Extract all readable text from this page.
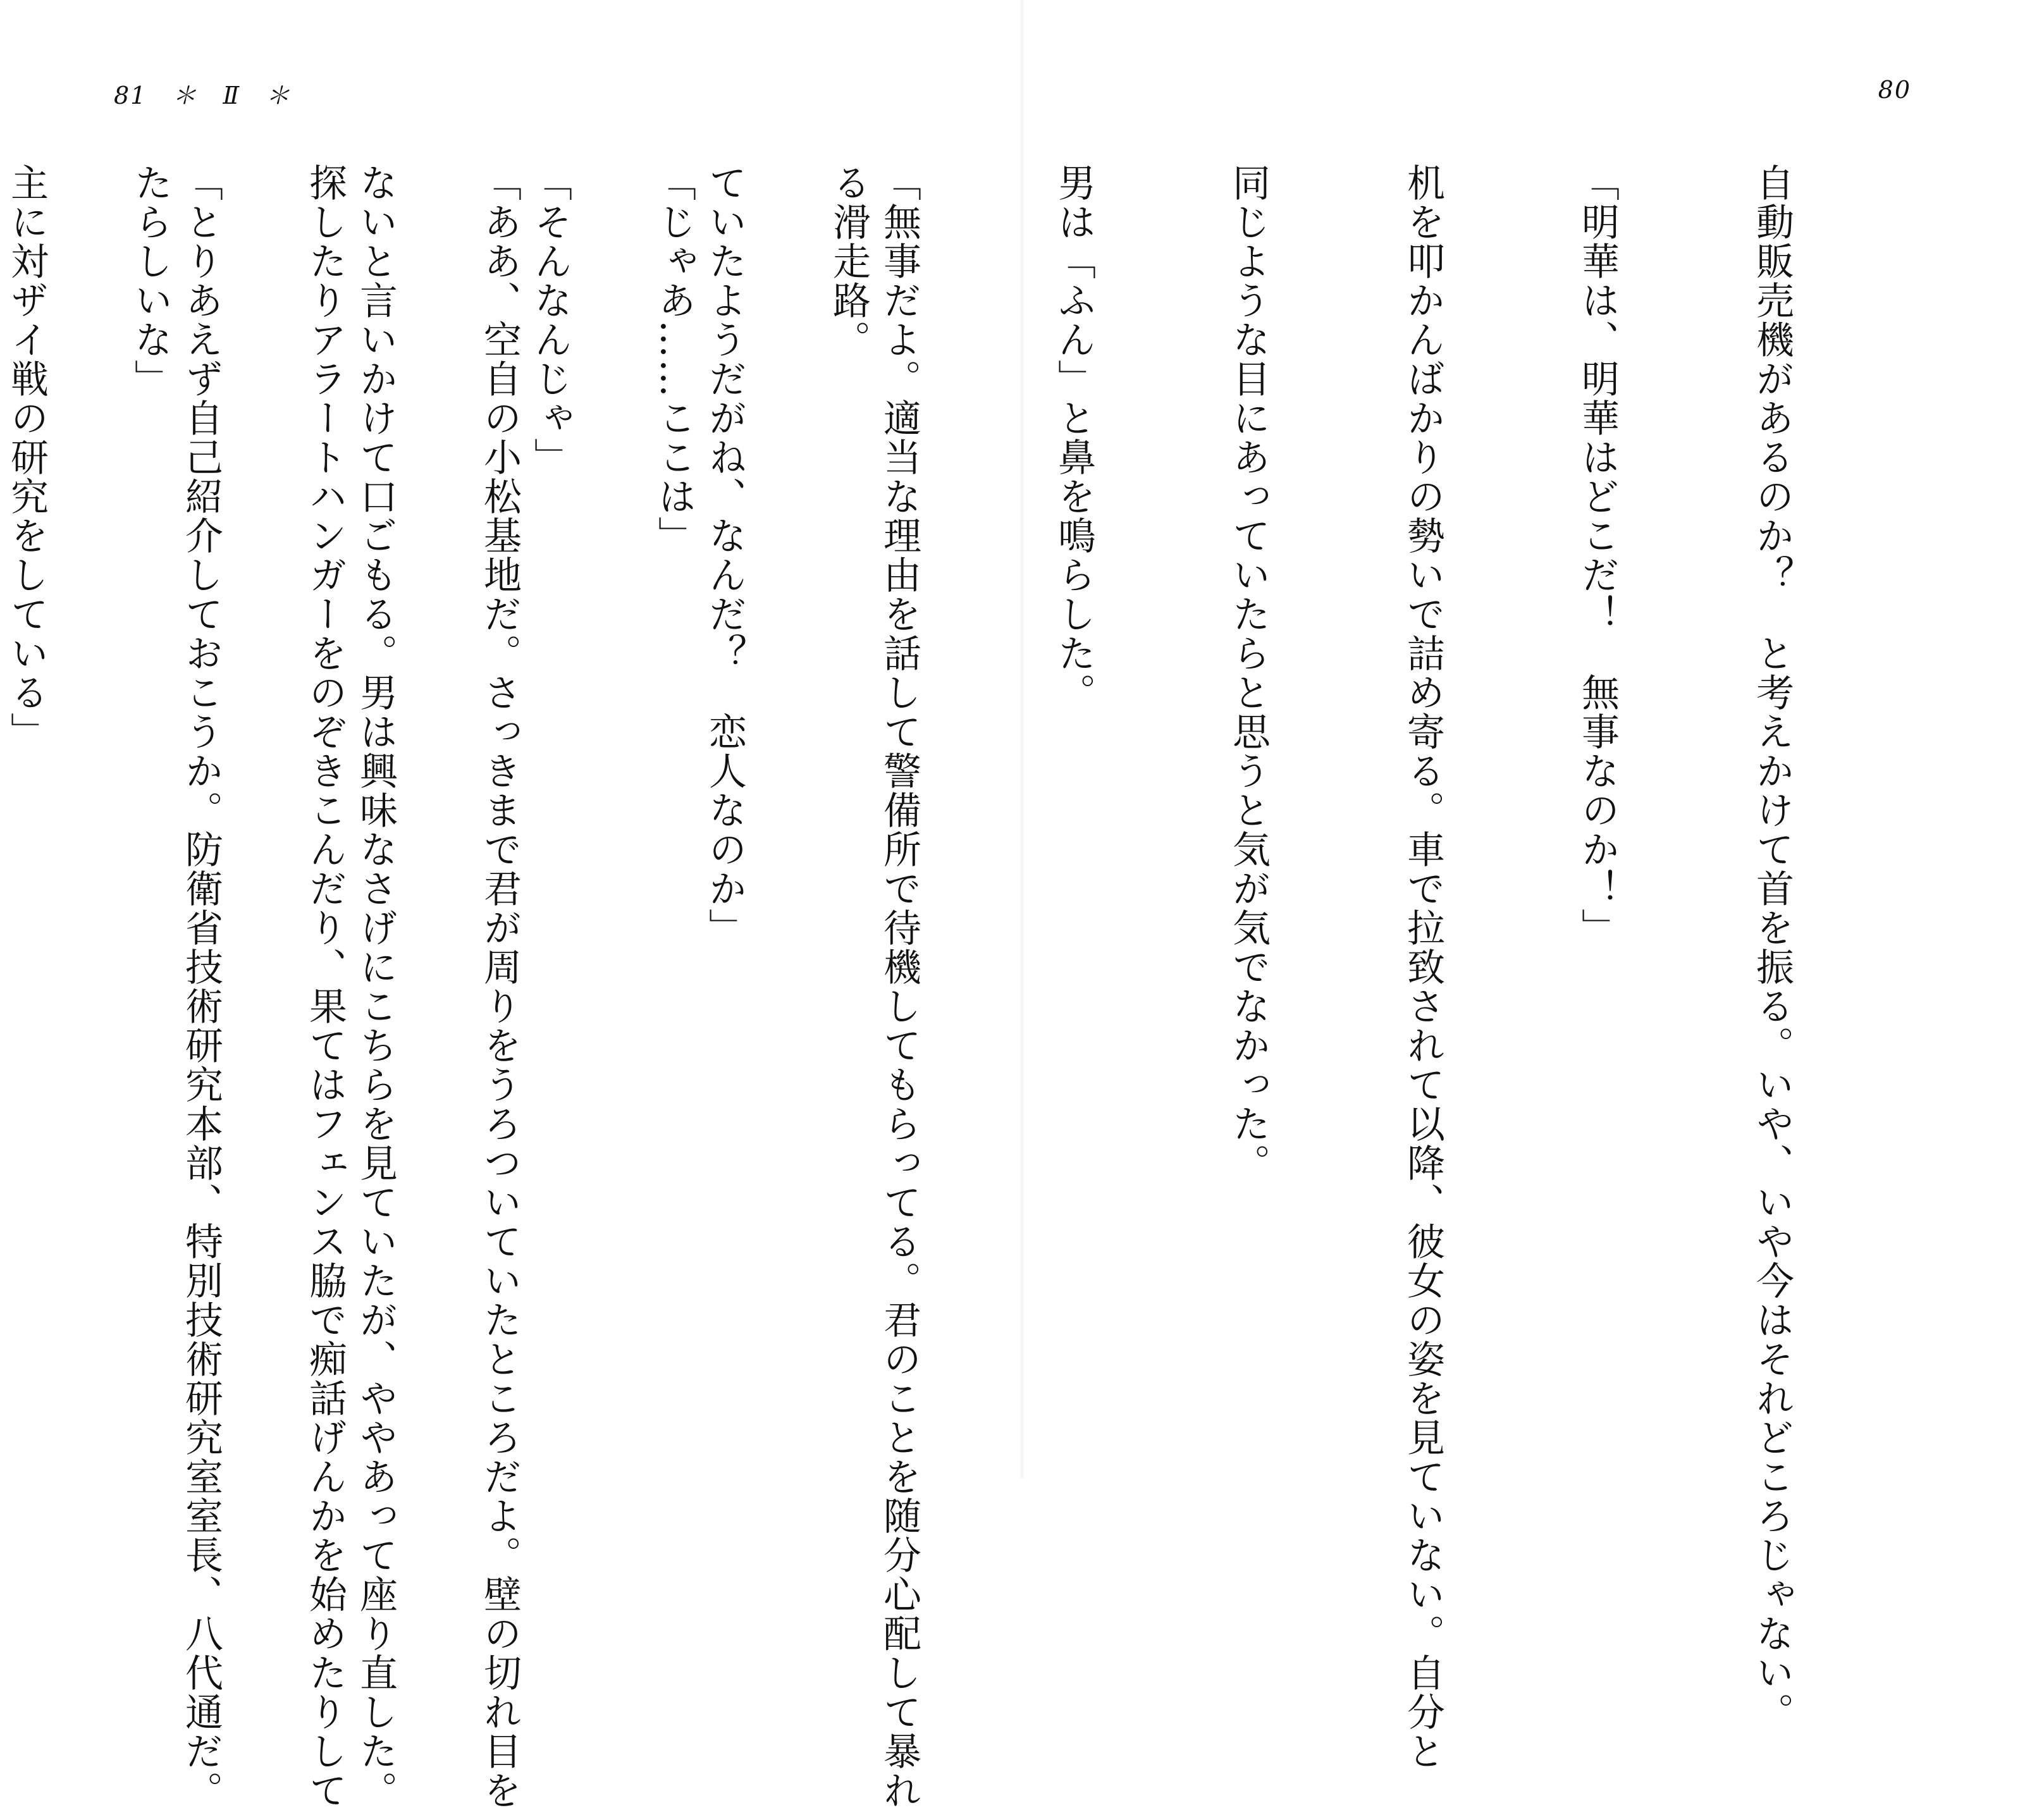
81　＊　Ⅱ　＊	80

自動販売機があるのか？　と考えかけて首を振る。いや、いや今はそれどころじゃない。

「明華は、明華はどこだ！　無事なのか！」

机を叩かんばかりの勢いで詰め寄る。車で拉致されて以降、彼女の姿を見ていない。自分と

同じような目にあっていたらと思うと気が気でなかった。

男は「ふん」と鼻を鳴らした。

「無事だよ。適当な理由を話して警備所で待機してもらってる。君のことを随分心配して暴れ

ていたようだがね、なんだ？　恋人なのか」

「そんなんじゃ」

ないと言いかけて口ごもる。男は興味なさげにこちらを見ていたが、ややあって座り直した。

「とりあえず自己紹介しておこうか。防衛省技術研究本部、特別技術研究室室長、八代通だ。

主に対ザイ戦の研究をしている」

	る滑走路。

「じゃあ……ここは」

「ああ、空自の小松基地だ。さっきまで君が周りをうろついていたところだよ。壁の切れ目を

探したりアラートハンガーをのぞきこんだり、果てはフェンス脇で痴話げんかを始めたりして

たらしいな」
